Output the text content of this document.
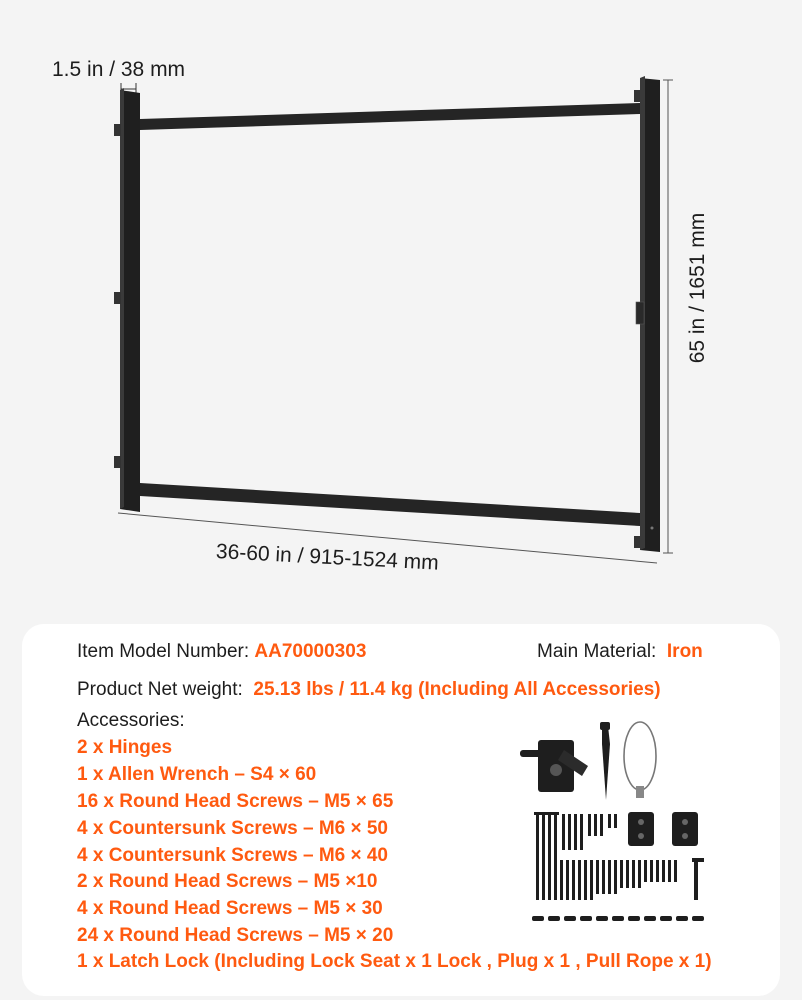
1.5 in / 38 mm
36-60 in / 915-1524 mm
65 in / 1651 mm
Item Model Number: AA70000303	Main Material: Iron
Product Net weight: 25.13 lbs / 11.4 kg (Including All Accessories)
Accessories:
2 x Hinges
1 x Allen Wrench – S4 × 60
16 x Round Head Screws – M5 × 65
4 x Countersunk Screws – M6 × 50
4 x Countersunk Screws – M6 × 40
2 x Round Head Screws – M5 ×10
4 x Round Head Screws – M5 × 30
24 x Round Head Screws – M5 × 20
1 x Latch Lock (Including Lock Seat x 1 Lock , Plug x 1 , Pull Rope x 1)
